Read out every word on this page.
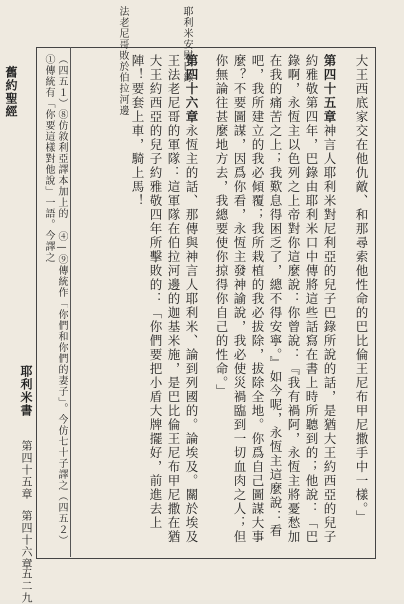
舊約聖經
耶利米書
第四十五章
第四十六章
一五二九
耶利米安慰巴錄
法老尼哥敗於伯拉河邊	大王西底家交在他仇敵、和那尋索他性命的巴比倫王尼布甲尼撒手中一樣。」
第四十五章神言人耶利米對尼利亞的兒子巴錄所說的話，是猶大王約西亞的兒子約雅敬第四年，巴錄由耶利米口中傳將這些話寫在書上時所聽到的；他說：「巴錄啊，永恆主以色列之上帝對你這麼說：你曾說：『我有禍阿，永恆主將憂愁加在我的痛苦之上；我歎息得困乏了，總不得安寧。』如今呢，永恆主這麼說：看吧，我所建立的我必傾覆；我所栽植的我必拔除，拔除全地。你爲自己圖謀大事麼？不要圖謀，因爲你看，永恆主發神諭說，我必使災禍臨到一切血肉之人；但你無論往甚麼地方去，我總要使你掠得你自己的性命。」
第四十六章永恆主的話、那傳與神言人耶利米、論到列國的。論埃及。關於埃及王法老尼哥的軍隊：這軍隊在伯拉河邊的迦基米施，是巴比倫王尼布甲尼撒在猶大王約西亞的兒子約雅敬四年所擊敗的：「你們要把小盾大牌擺好，前進去上陣！要套上車，騎上馬！
（四五１）⑧仿敘利亞譯本加上的 ④—⑨傳統作「你們和你們的妻子」。今仿七十子譯之（四五２）①傳統有「你要這樣對他說」一語。今譯之
